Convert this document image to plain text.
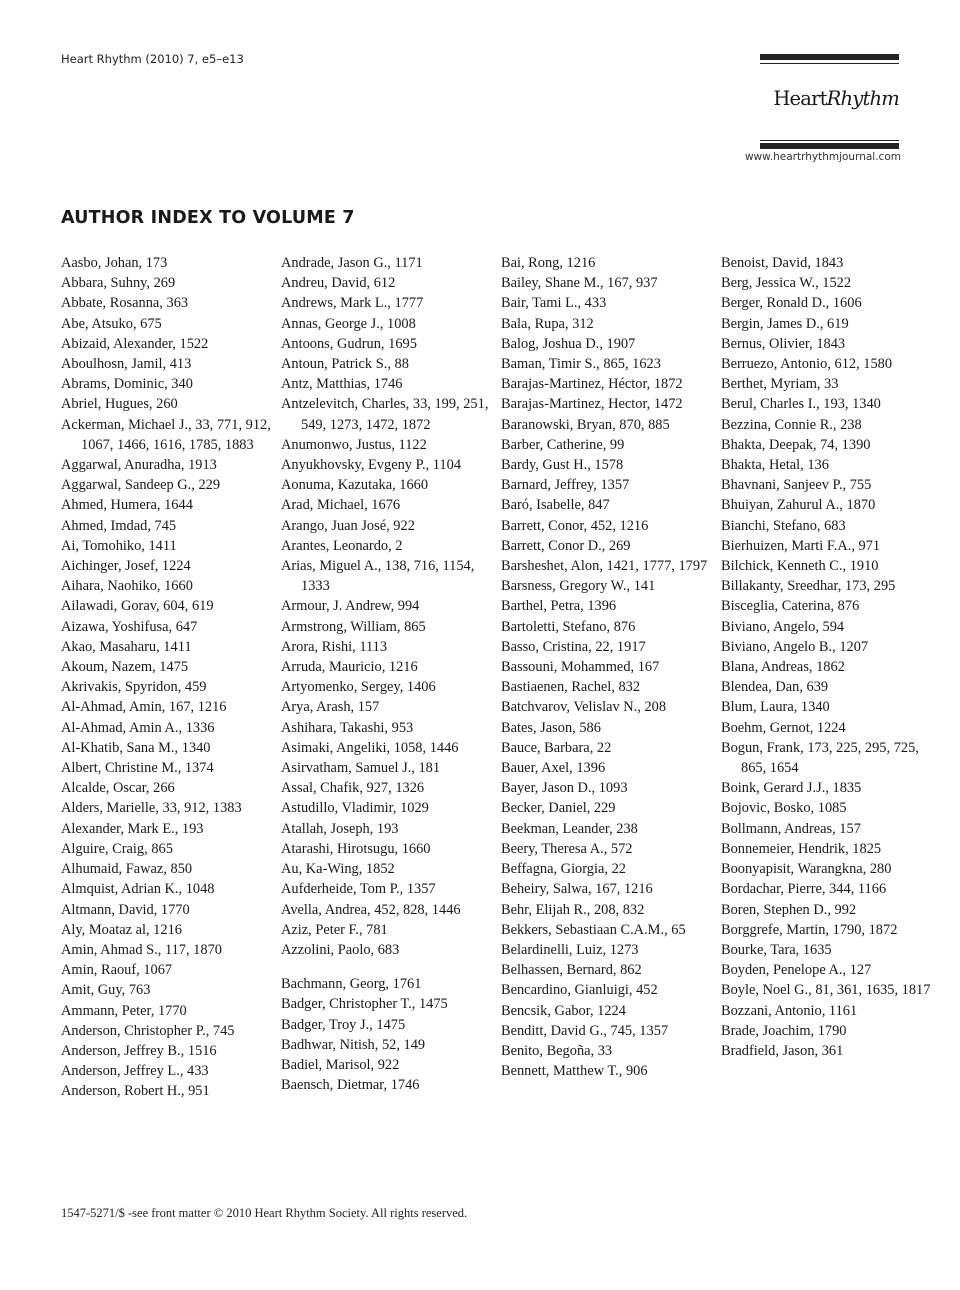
Heart Rhythm (2010) 7, e5–e13
HeartRhythm
www.heartrhythmjournal.com
AUTHOR INDEX TO VOLUME 7
Aasbo, Johan, 173
Abbara, Suhny, 269
Abbate, Rosanna, 363
Abe, Atsuko, 675
Abizaid, Alexander, 1522
Aboulhosn, Jamil, 413
Abrams, Dominic, 340
Abriel, Hugues, 260
Ackerman, Michael J., 33, 771, 912, 1067, 1466, 1616, 1785, 1883
Aggarwal, Anuradha, 1913
Aggarwal, Sandeep G., 229
Ahmed, Humera, 1644
Ahmed, Imdad, 745
Ai, Tomohiko, 1411
Aichinger, Josef, 1224
Aihara, Naohiko, 1660
Ailawadi, Gorav, 604, 619
Aizawa, Yoshifusa, 647
Akao, Masaharu, 1411
Akoum, Nazem, 1475
Akrivakis, Spyridon, 459
Al-Ahmad, Amin, 167, 1216
Al-Ahmad, Amin A., 1336
Al-Khatib, Sana M., 1340
Albert, Christine M., 1374
Alcalde, Oscar, 266
Alders, Marielle, 33, 912, 1383
Alexander, Mark E., 193
Alguire, Craig, 865
Alhumaid, Fawaz, 850
Almquist, Adrian K., 1048
Altmann, David, 1770
Aly, Moataz al, 1216
Amin, Ahmad S., 117, 1870
Amin, Raouf, 1067
Amit, Guy, 763
Ammann, Peter, 1770
Anderson, Christopher P., 745
Anderson, Jeffrey B., 1516
Anderson, Jeffrey L., 433
Anderson, Robert H., 951
Andrade, Jason G., 1171
Andreu, David, 612
Andrews, Mark L., 1777
Annas, George J., 1008
Antoons, Gudrun, 1695
Antoun, Patrick S., 88
Antz, Matthias, 1746
Antzelevitch, Charles, 33, 199, 251, 549, 1273, 1472, 1872
Anumonwo, Justus, 1122
Anyukhovsky, Evgeny P., 1104
Aonuma, Kazutaka, 1660
Arad, Michael, 1676
Arango, Juan José, 922
Arantes, Leonardo, 2
Arias, Miguel A., 138, 716, 1154, 1333
Armour, J. Andrew, 994
Armstrong, William, 865
Arora, Rishi, 1113
Arruda, Mauricio, 1216
Artyomenko, Sergey, 1406
Arya, Arash, 157
Ashihara, Takashi, 953
Asimaki, Angeliki, 1058, 1446
Asirvatham, Samuel J., 181
Assal, Chafik, 927, 1326
Astudillo, Vladimir, 1029
Atallah, Joseph, 193
Atarashi, Hirotsugu, 1660
Au, Ka-Wing, 1852
Aufderheide, Tom P., 1357
Avella, Andrea, 452, 828, 1446
Aziz, Peter F., 781
Azzolini, Paolo, 683
Bachmann, Georg, 1761
Badger, Christopher T., 1475
Badger, Troy J., 1475
Badhwar, Nitish, 52, 149
Badiel, Marisol, 922
Baensch, Dietmar, 1746
Bai, Rong, 1216
Bailey, Shane M., 167, 937
Bair, Tami L., 433
Bala, Rupa, 312
Balog, Joshua D., 1907
Baman, Timir S., 865, 1623
Barajas-Martinez, Héctor, 1872
Barajas-Martinez, Hector, 1472
Baranowski, Bryan, 870, 885
Barber, Catherine, 99
Bardy, Gust H., 1578
Barnard, Jeffrey, 1357
Baró, Isabelle, 847
Barrett, Conor, 452, 1216
Barrett, Conor D., 269
Barsheshet, Alon, 1421, 1777, 1797
Barsness, Gregory W., 141
Barthel, Petra, 1396
Bartoletti, Stefano, 876
Basso, Cristina, 22, 1917
Bassouni, Mohammed, 167
Bastiaenen, Rachel, 832
Batchvarov, Velislav N., 208
Bates, Jason, 586
Bauce, Barbara, 22
Bauer, Axel, 1396
Bayer, Jason D., 1093
Becker, Daniel, 229
Beekman, Leander, 238
Beery, Theresa A., 572
Beffagna, Giorgia, 22
Beheiry, Salwa, 167, 1216
Behr, Elijah R., 208, 832
Bekkers, Sebastiaan C.A.M., 65
Belardinelli, Luiz, 1273
Belhassen, Bernard, 862
Bencardino, Gianluigi, 452
Bencsik, Gabor, 1224
Benditt, David G., 745, 1357
Benito, Begoña, 33
Bennett, Matthew T., 906
Benoist, David, 1843
Berg, Jessica W., 1522
Berger, Ronald D., 1606
Bergin, James D., 619
Bernus, Olivier, 1843
Berruezo, Antonio, 612, 1580
Berthet, Myriam, 33
Berul, Charles I., 193, 1340
Bezzina, Connie R., 238
Bhakta, Deepak, 74, 1390
Bhakta, Hetal, 136
Bhavnani, Sanjeev P., 755
Bhuiyan, Zahurul A., 1870
Bianchi, Stefano, 683
Bierhuizen, Marti F.A., 971
Bilchick, Kenneth C., 1910
Billakanty, Sreedhar, 173, 295
Bisceglia, Caterina, 876
Biviano, Angelo, 594
Biviano, Angelo B., 1207
Blana, Andreas, 1862
Blendea, Dan, 639
Blum, Laura, 1340
Boehm, Gernot, 1224
Bogun, Frank, 173, 225, 295, 725, 865, 1654
Boink, Gerard J.J., 1835
Bojovic, Bosko, 1085
Bollmann, Andreas, 157
Bonnemeier, Hendrik, 1825
Boonyapisit, Warangkna, 280
Bordachar, Pierre, 344, 1166
Boren, Stephen D., 992
Borggrefe, Martin, 1790, 1872
Bourke, Tara, 1635
Boyden, Penelope A., 127
Boyle, Noel G., 81, 361, 1635, 1817
Bozzani, Antonio, 1161
Brade, Joachim, 1790
Bradfield, Jason, 361
1547-5271/$ -see front matter © 2010 Heart Rhythm Society. All rights reserved.
